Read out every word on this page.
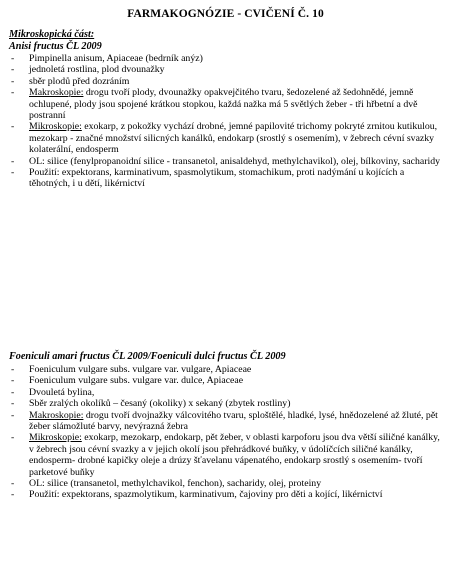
FARMAKOGNÓZIE - CVIČENÍ Č. 10
Mikroskopická část:
Anisi fructus ČL 2009
- Pimpinella anisum, Apiaceae (bedrník anýz)
- jednoletá rostlina, plod dvounažky
- sběr plodů před dozráním
- Makroskopie: drogu tvoří plody, dvounažky opakvejčitého tvaru, šedozelené až šedohnědé, jemně ochlupené, plody jsou spojené krátkou stopkou, každá nažka má 5 světlých žeber - tři hřbetní a dvě postranní
- Mikroskopie: exokarp, z pokožky vychází drobné, jemné papilovité trichomy pokryté zrnitou kutikulou, mezokarp - značné množství silicných kanálků, endokarp (srostlý s osemením), v žebrech cévní svazky kolaterální, endosperm
- OL: silice (fenylpropanoidní silice - transanetol, anisaldehyd, methylchavikol), olej, bílkoviny, sacharidy
- Použití: expektorans, karminativum, spasmolytikum, stomachikum, proti nadýmání u kojících a těhotných, i u dětí, likérnictví
Foeniculi amari fructus ČL 2009/Foeniculi dulci fructus ČL 2009
- Foeniculum vulgare subs. vulgare var. vulgare, Apiaceae
- Foeniculum vulgare subs. vulgare var. dulce, Apiaceae
- Dvouletá bylina,
- Sběr zralých okolíků – česaný (okoliky) x sekaný (zbytek rostliny)
- Makroskopie: drogu tvoří dvojnažky válcovitého tvaru, sploštělé, hladké, lysé, hnědozelené až žluté, pět žeber slámožluté barvy, nevýrazná žebra
- Mikroskopie: exokarp, mezokarp, endokarp, pět žeber, v oblasti karpoforu jsou dva větší siličné kanálky, v žebrech jsou cévní svazky a v jejich okolí jsou přehrádkové buňky, v údolíčcích siličné kanálky, endosperm- drobné kapičky oleje a drúzy šťavelanu vápenatého, endokarp srostlý s osemením- tvoří parketové buňky
- OL: silice (transanetol, methylchavikol, fenchon), sacharidy, olej, proteiny
- Použití: expektorans, spazmolytikum, karminativum, čajoviny pro děti a kojící, likérnictví
